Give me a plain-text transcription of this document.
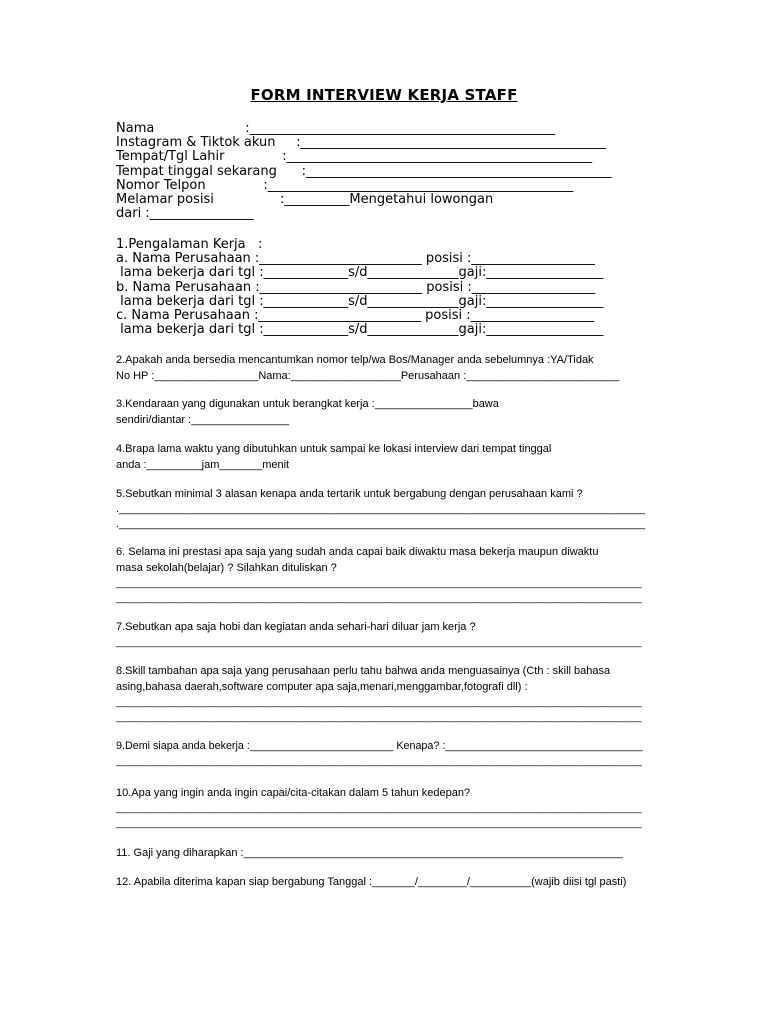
FORM INTERVIEW KERJA STAFF
Nama                      :_______________________________________________
Instagram & Tiktok akun     :_______________________________________________
Tempat/Tgl Lahir              :_______________________________________________
Tempat tinggal sekarang      :_______________________________________________
Nomor Telpon              :_______________________________________________
Melamar posisi                :__________Mengetahui lowongan
dari :________________
1.Pengalaman Kerja   :
a. Nama Perusahaan :_________________________ posisi :___________________
lama bekerja dari tgl :_____________s/d______________gaji:__________________
b. Nama Perusahaan :_________________________ posisi :___________________
lama bekerja dari tgl :_____________s/d______________gaji:__________________
c. Nama Perusahaan :_________________________ posisi :___________________
lama bekerja dari tgl :_____________s/d______________gaji:__________________
2.Apakah anda bersedia mencantumkan nomor telp/wa Bos/Manager anda sebelumnya :YA/Tidak
No HP :_________________Nama:__________________Perusahaan :_________________________
3.Kendaraan yang digunakan untuk berangkat kerja :________________bawa
sendiri/diantar :________________
4.Brapa lama waktu yang dibutuhkan untuk sampai ke lokasi interview dari tempat tinggal
anda :_________jam_______menit
5.Sebutkan minimal 3 alasan kenapa anda tertarik untuk bergabung dengan perusahaan kami ?
.________________________________________________________________________________________
.________________________________________________________________________________________
6. Selama ini prestasi apa saja yang sudah anda capai baik diwaktu masa bekerja maupun diwaktu
masa sekolah(belajar) ? Silahkan dituliskan ?
__________________________________________________________________________________________
__________________________________________________________________________________________
7.Sebutkan apa saja hobi dan kegiatan anda sehari-hari diluar jam kerja ?
__________________________________________________________________________________________
8.Skill tambahan apa saja yang perusahaan perlu tahu bahwa anda menguasainya (Cth : skill bahasa
asing,bahasa daerah,software computer apa saja,menari,menggambar,fotografi dll) :
__________________________________________________________________________________________
__________________________________________________________________________________________
9.Demi siapa anda bekerja :________________________ Kenapa? :_________________________________
__________________________________________________________________________________________
10.Apa yang ingin anda ingin capai/cita-citakan dalam 5 tahun kedepan?
__________________________________________________________________________________________
__________________________________________________________________________________________
11. Gaji yang diharapkan :______________________________________________________________
12. Apabila diterima kapan siap bergabung Tanggal :_______/________/__________(wajib diisi tgl pasti)
